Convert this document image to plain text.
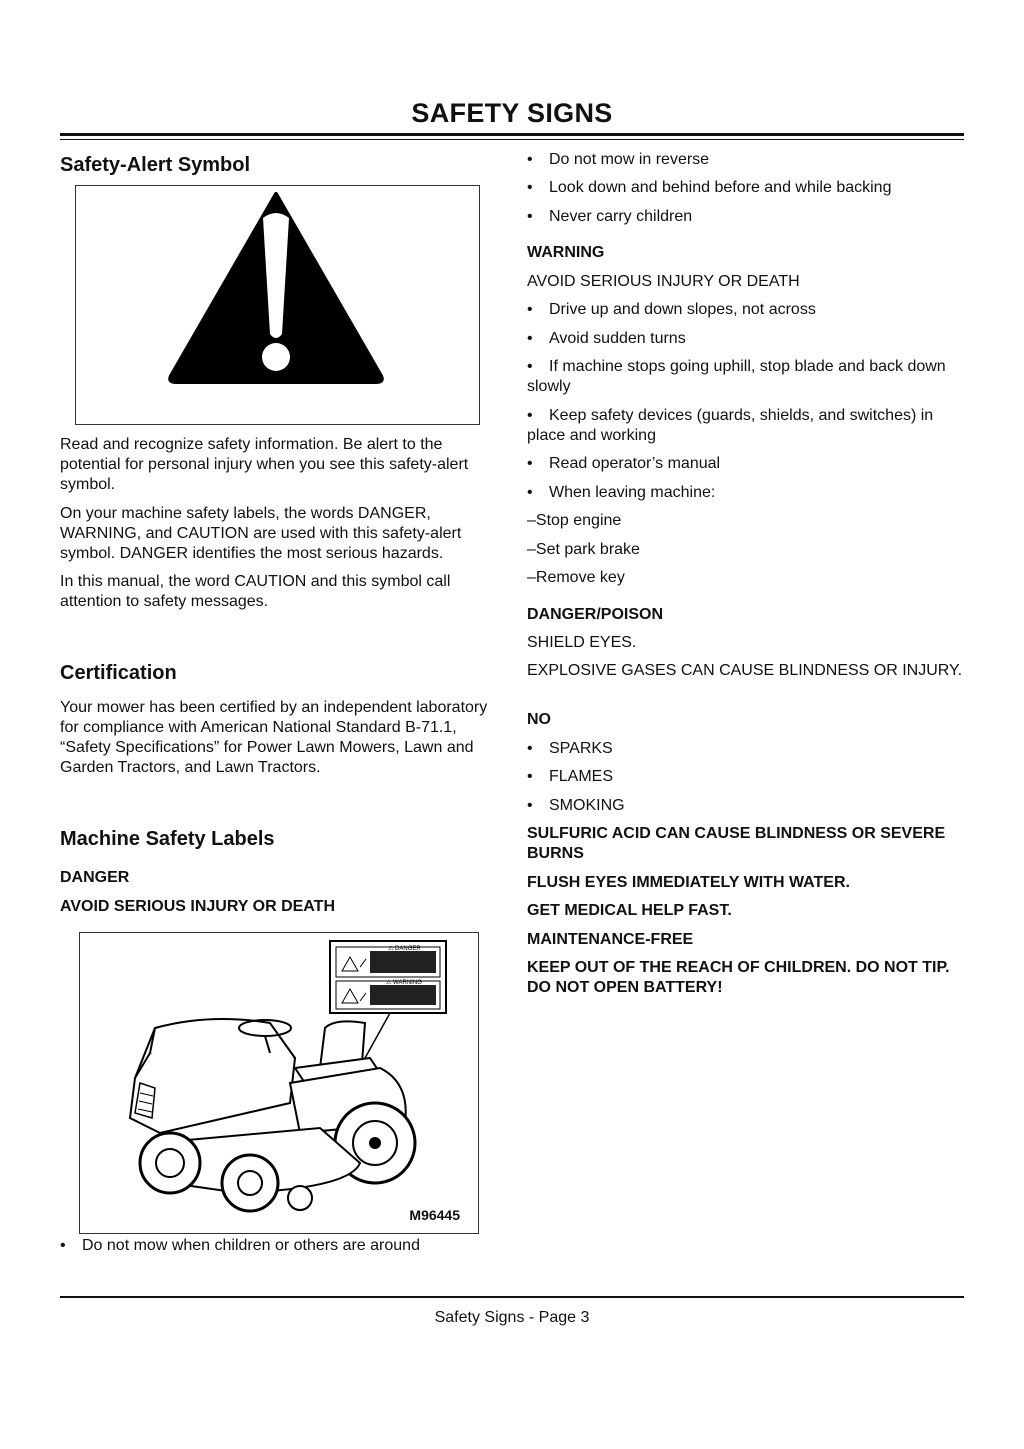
SAFETY SIGNS
Safety-Alert Symbol

Read and recognize safety information. Be alert to the potential for personal injury when you see this safety-alert symbol.

On your machine safety labels, the words DANGER, WARNING, and CAUTION are used with this safety-alert symbol. DANGER identifies the most serious hazards.

In this manual, the word CAUTION and this symbol call attention to safety messages.

Certification

Your mower has been certified by an independent laboratory for compliance with American National Standard B-71.1, “Safety Specifications” for Power Lawn Mowers, Lawn and Garden Tractors, and Lawn Tractors.

Machine Safety Labels
DANGER
AVOID SERIOUS INJURY OR DEATH
⚠ DANGER
⚠ WARNING
M96445
• Do not mow when children or others are around
• Do not mow in reverse
• Look down and behind before and while backing
• Never carry children
WARNING
AVOID SERIOUS INJURY OR DEATH
• Drive up and down slopes, not across
• Avoid sudden turns
• If machine stops going uphill, stop blade and back down slowly
• Keep safety devices (guards, shields, and switches) in place and working
• Read operator’s manual
• When leaving machine:
–Stop engine
–Set park brake
–Remove key
DANGER/POISON
SHIELD EYES.
EXPLOSIVE GASES CAN CAUSE BLINDNESS OR INJURY.
NO
• SPARKS
• FLAMES
• SMOKING
SULFURIC ACID CAN CAUSE BLINDNESS OR SEVERE BURNS
FLUSH EYES IMMEDIATELY WITH WATER.
GET MEDICAL HELP FAST.
MAINTENANCE-FREE
KEEP OUT OF THE REACH OF CHILDREN. DO NOT TIP. DO NOT OPEN BATTERY!
Safety Signs - Page 3
